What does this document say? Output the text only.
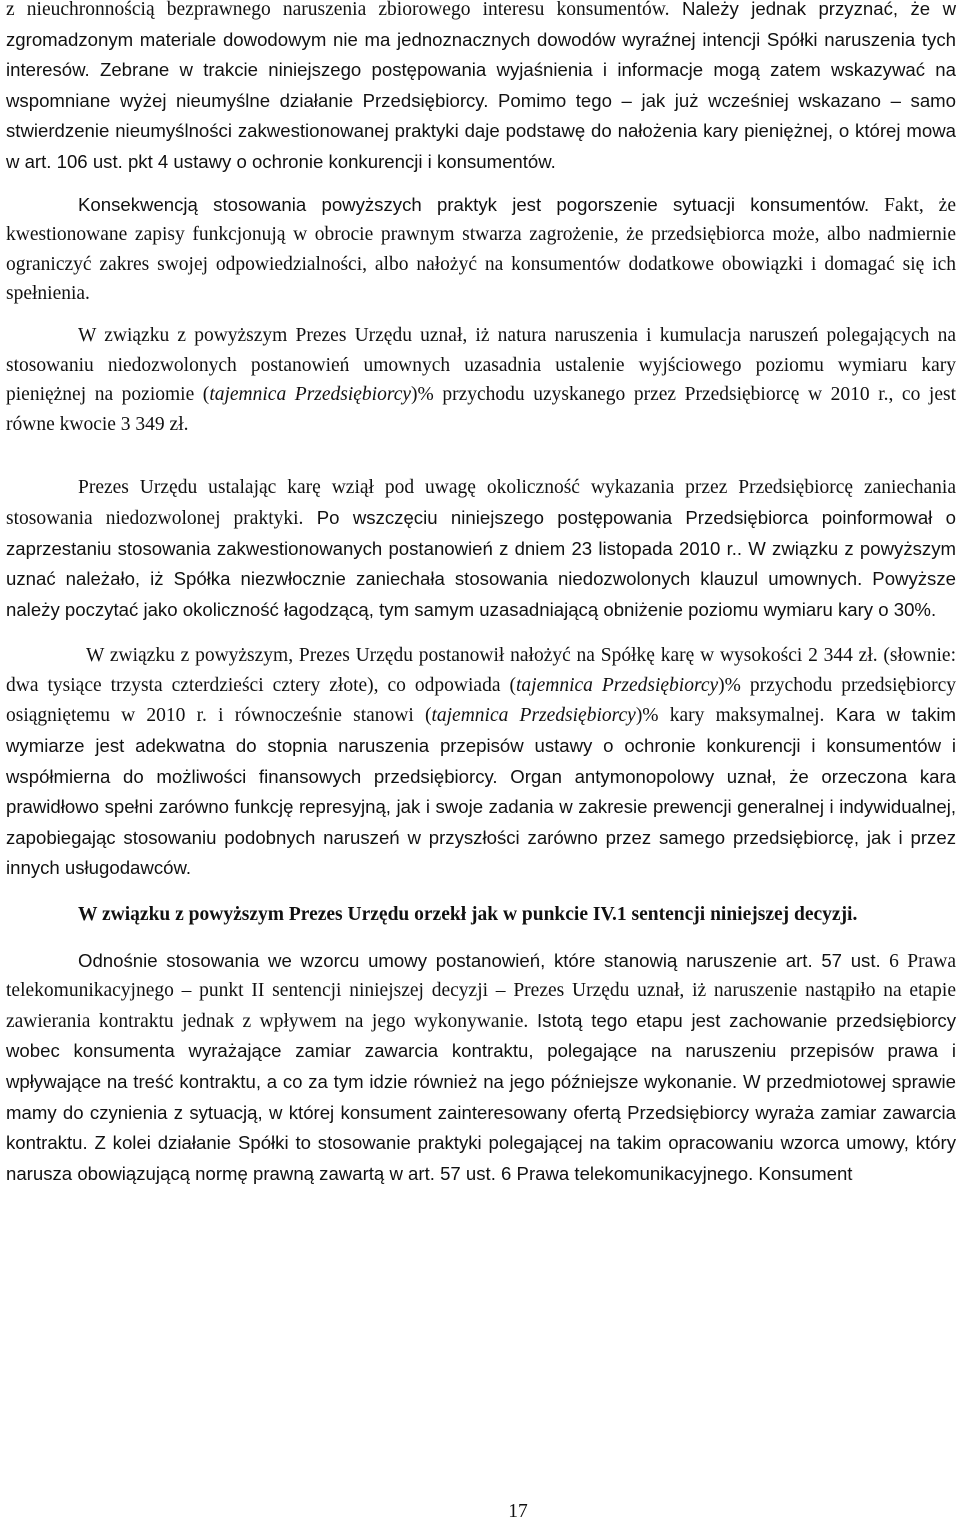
z nieuchronnością bezprawnego naruszenia zbiorowego interesu konsumentów. Należy jednak przyznać, że w zgromadzonym materiale dowodowym nie ma jednoznacznych dowodów wyraźnej intencji Spółki naruszenia tych interesów. Zebrane w trakcie niniejszego postępowania wyjaśnienia i informacje mogą zatem wskazywać na wspomniane wyżej nieumyślne działanie Przedsiębiorcy. Pomimo tego – jak już wcześniej wskazano – samo stwierdzenie nieumyślności zakwestionowanej praktyki daje podstawę do nałożenia kary pieniężnej, o której mowa w art. 106 ust. pkt 4 ustawy o ochronie konkurencji i konsumentów.

Konsekwencją stosowania powyższych praktyk jest pogorszenie sytuacji konsumentów. Fakt, że kwestionowane zapisy funkcjonują w obrocie prawnym stwarza zagrożenie, że przedsiębiorca może, albo nadmiernie ograniczyć zakres swojej odpowiedzialności, albo nałożyć na konsumentów dodatkowe obowiązki i domagać się ich spełnienia.

W związku z powyższym Prezes Urzędu uznał, iż natura naruszenia i kumulacja naruszeń polegających na stosowaniu niedozwolonych postanowień umownych uzasadnia ustalenie wyjściowego poziomu wymiaru kary pieniężnej na poziomie (tajemnica Przedsiębiorcy)% przychodu uzyskanego przez Przedsiębiorcę w 2010 r., co jest równe kwocie 3 349 zł.

Prezes Urzędu ustalając karę wziął pod uwagę okoliczność wykazania przez Przedsiębiorcę zaniechania stosowania niedozwolonej praktyki. Po wszczęciu niniejszego postępowania Przedsiębiorca poinformował o zaprzestaniu stosowania zakwestionowanych postanowień z dniem 23 listopada 2010 r.. W związku z powyższym uznać należało, iż Spółka niezwłocznie zaniechała stosowania niedozwolonych klauzul umownych. Powyższe należy poczytać jako okoliczność łagodzącą, tym samym uzasadniającą obniżenie poziomu wymiaru kary o 30%.

W związku z powyższym, Prezes Urzędu postanowił nałożyć na Spółkę karę w wysokości 2 344 zł. (słownie: dwa tysiące trzysta czterdzieści cztery złote), co odpowiada (tajemnica Przedsiębiorcy)% przychodu przedsiębiorcy osiągniętemu w 2010 r. i równocześnie stanowi (tajemnica Przedsiębiorcy)% kary maksymalnej. Kara w takim wymiarze jest adekwatna do stopnia naruszenia przepisów ustawy o ochronie konkurencji i konsumentów i współmierna do możliwości finansowych przedsiębiorcy. Organ antymonopolowy uznał, że orzeczona kara prawidłowo spełni zarówno funkcję represyjną, jak i swoje zadania w zakresie prewencji generalnej i indywidualnej, zapobiegając stosowaniu podobnych naruszeń w przyszłości zarówno przez samego przedsiębiorcę, jak i przez innych usługodawców.

W związku z powyższym Prezes Urzędu orzekł jak w punkcie IV.1 sentencji niniejszej decyzji.

Odnośnie stosowania we wzorcu umowy postanowień, które stanowią naruszenie art. 57 ust. 6 Prawa telekomunikacyjnego – punkt II sentencji niniejszej decyzji – Prezes Urzędu uznał, iż naruszenie nastąpiło na etapie zawierania kontraktu jednak z wpływem na jego wykonywanie. Istotą tego etapu jest zachowanie przedsiębiorcy wobec konsumenta wyrażające zamiar zawarcia kontraktu, polegające na naruszeniu przepisów prawa i wpływające na treść kontraktu, a co za tym idzie również na jego późniejsze wykonanie. W przedmiotowej sprawie mamy do czynienia z sytuacją, w której konsument zainteresowany ofertą Przedsiębiorcy wyraża zamiar zawarcia kontraktu. Z kolei działanie Spółki to stosowanie praktyki polegającej na takim opracowaniu wzorca umowy, który narusza obowiązującą normę prawną zawartą w art. 57 ust. 6 Prawa telekomunikacyjnego. Konsument

17
